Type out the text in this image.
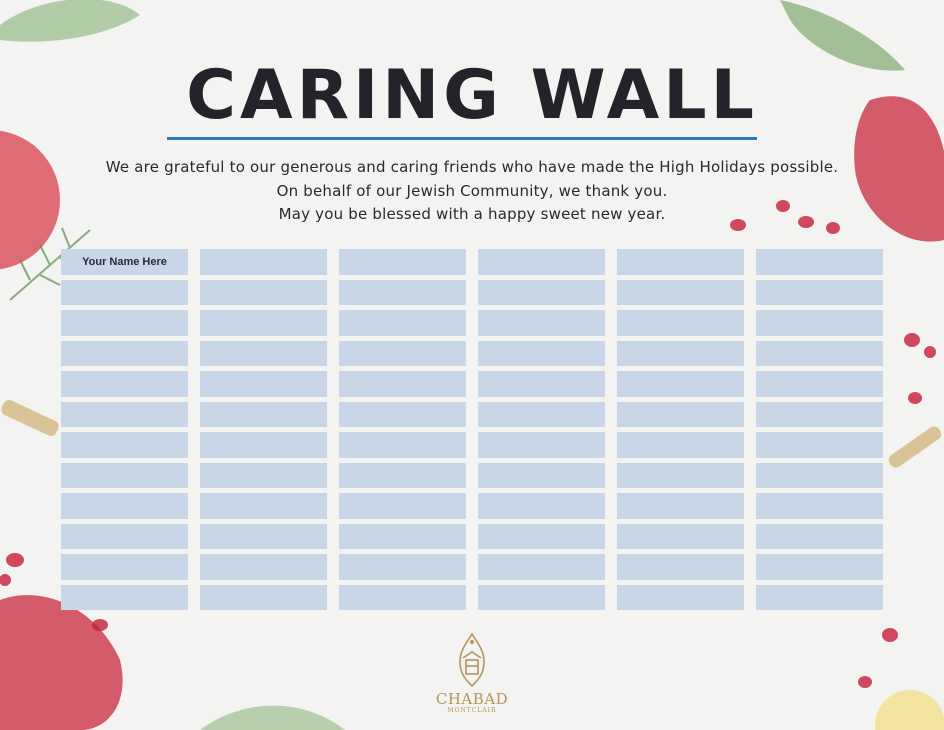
CARING WALL
We are grateful to our generous and caring friends who have made the High Holidays possible.
On behalf of our Jewish Community, we thank you.
May you be blessed with a happy sweet new year.
Your Name Here
CHABAD
MONTCLAIR
